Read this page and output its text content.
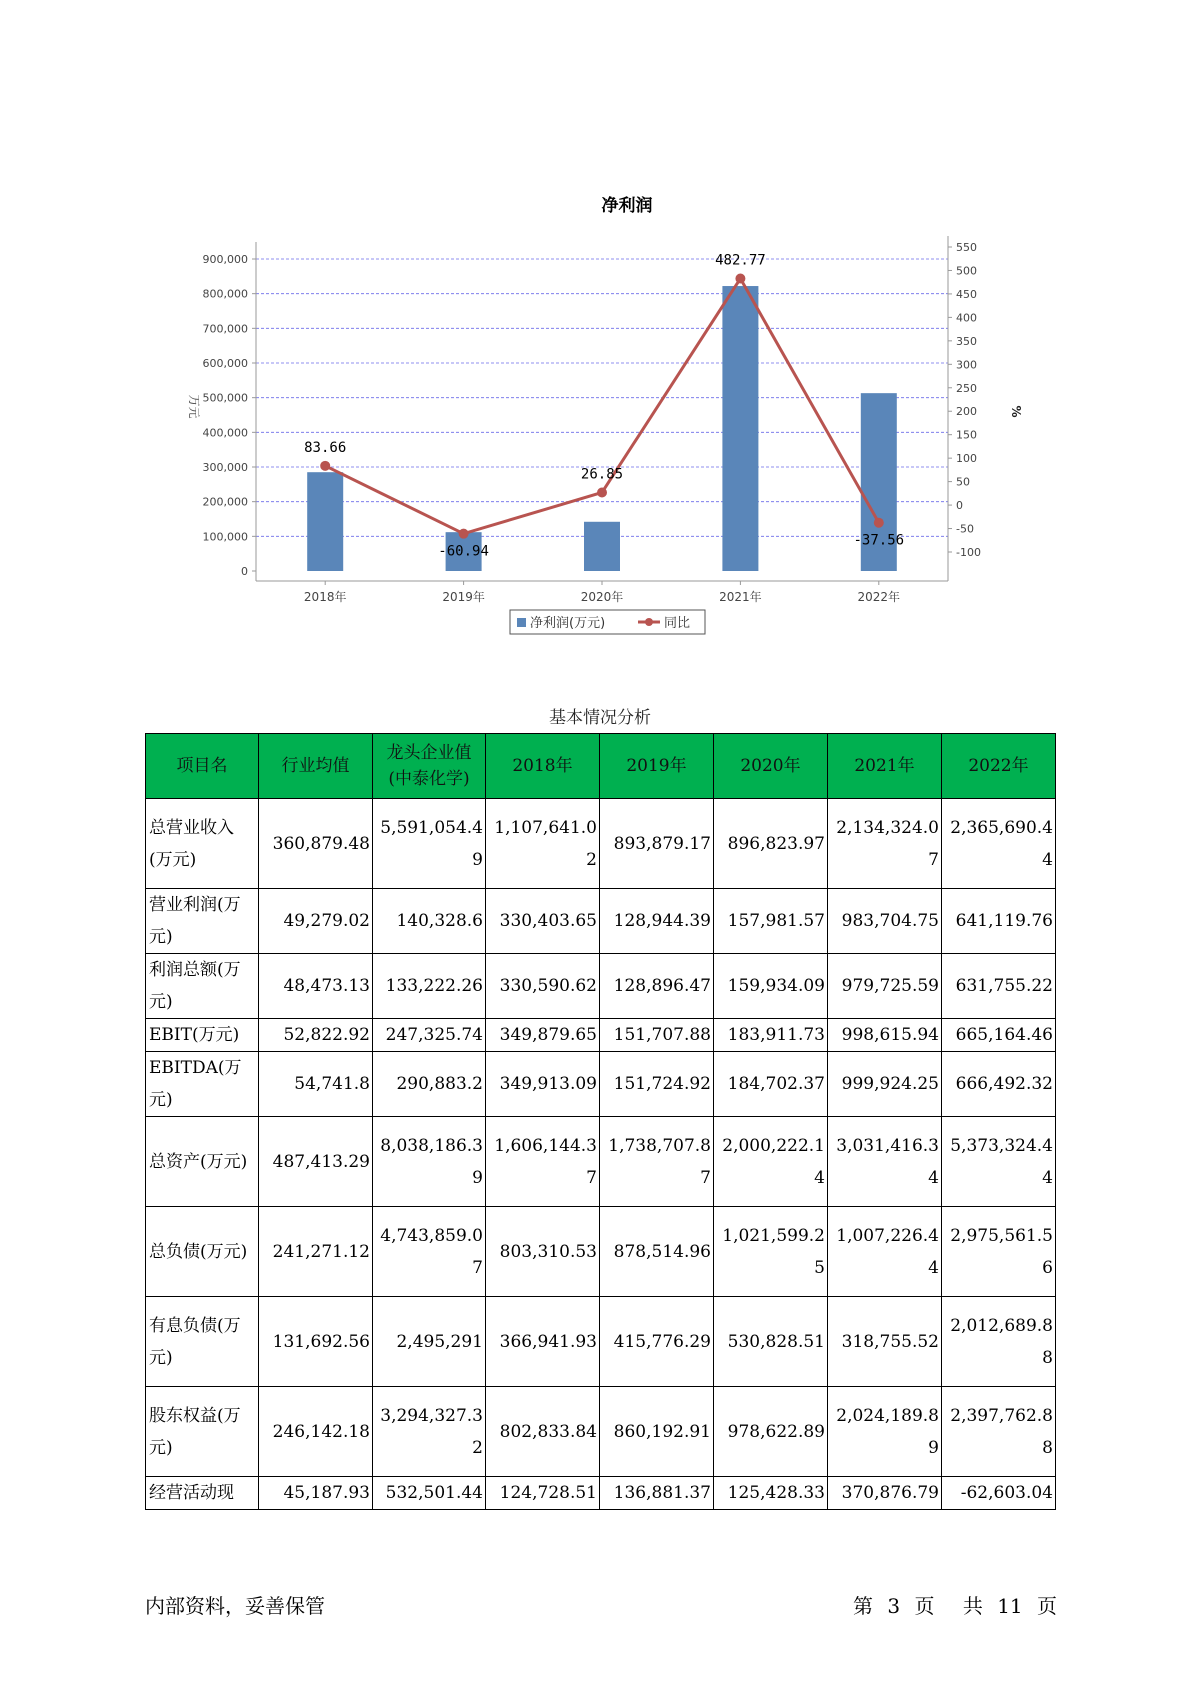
净利润
0
100,000
200,000
300,000
400,000
500,000
600,000
700,000
800,000
900,000
-100
-50
0
50
100
150
200
250
300
350
400
450
500
550
万元	%
2018年	2019年	2020年	2021年	2022年
83.66
-60.94
26.85
482.77
-37.56
净利润(万元)	同比
基本情况分析
项目名	行业均值	龙头企业值(中泰化学)	2018年	2019年	2020年	2021年	2022年
总营业收入(万元)	360,879.48	5,591,054.49	1,107,641.02	893,879.17	896,823.97	2,134,324.07	2,365,690.44
营业利润(万元)	49,279.02	140,328.6	330,403.65	128,944.39	157,981.57	983,704.75	641,119.76
利润总额(万元)	48,473.13	133,222.26	330,590.62	128,896.47	159,934.09	979,725.59	631,755.22
EBIT(万元)	52,822.92	247,325.74	349,879.65	151,707.88	183,911.73	998,615.94	665,164.46
EBITDA(万元)	54,741.8	290,883.2	349,913.09	151,724.92	184,702.37	999,924.25	666,492.32
总资产(万元)	487,413.29	8,038,186.39	1,606,144.37	1,738,707.87	2,000,222.14	3,031,416.34	5,373,324.44
总负债(万元)	241,271.12	4,743,859.07	803,310.53	878,514.96	1,021,599.25	1,007,226.44	2,975,561.56
有息负债(万元)	131,692.56	2,495,291	366,941.93	415,776.29	530,828.51	318,755.52	2,012,689.88
股东权益(万元)	246,142.18	3,294,327.32	802,833.84	860,192.91	978,622.89	2,024,189.89	2,397,762.88
经营活动现	45,187.93	532,501.44	124,728.51	136,881.37	125,428.33	370,876.79	-62,603.04
内部资料，妥善保管	第 3 页 共 11 页
